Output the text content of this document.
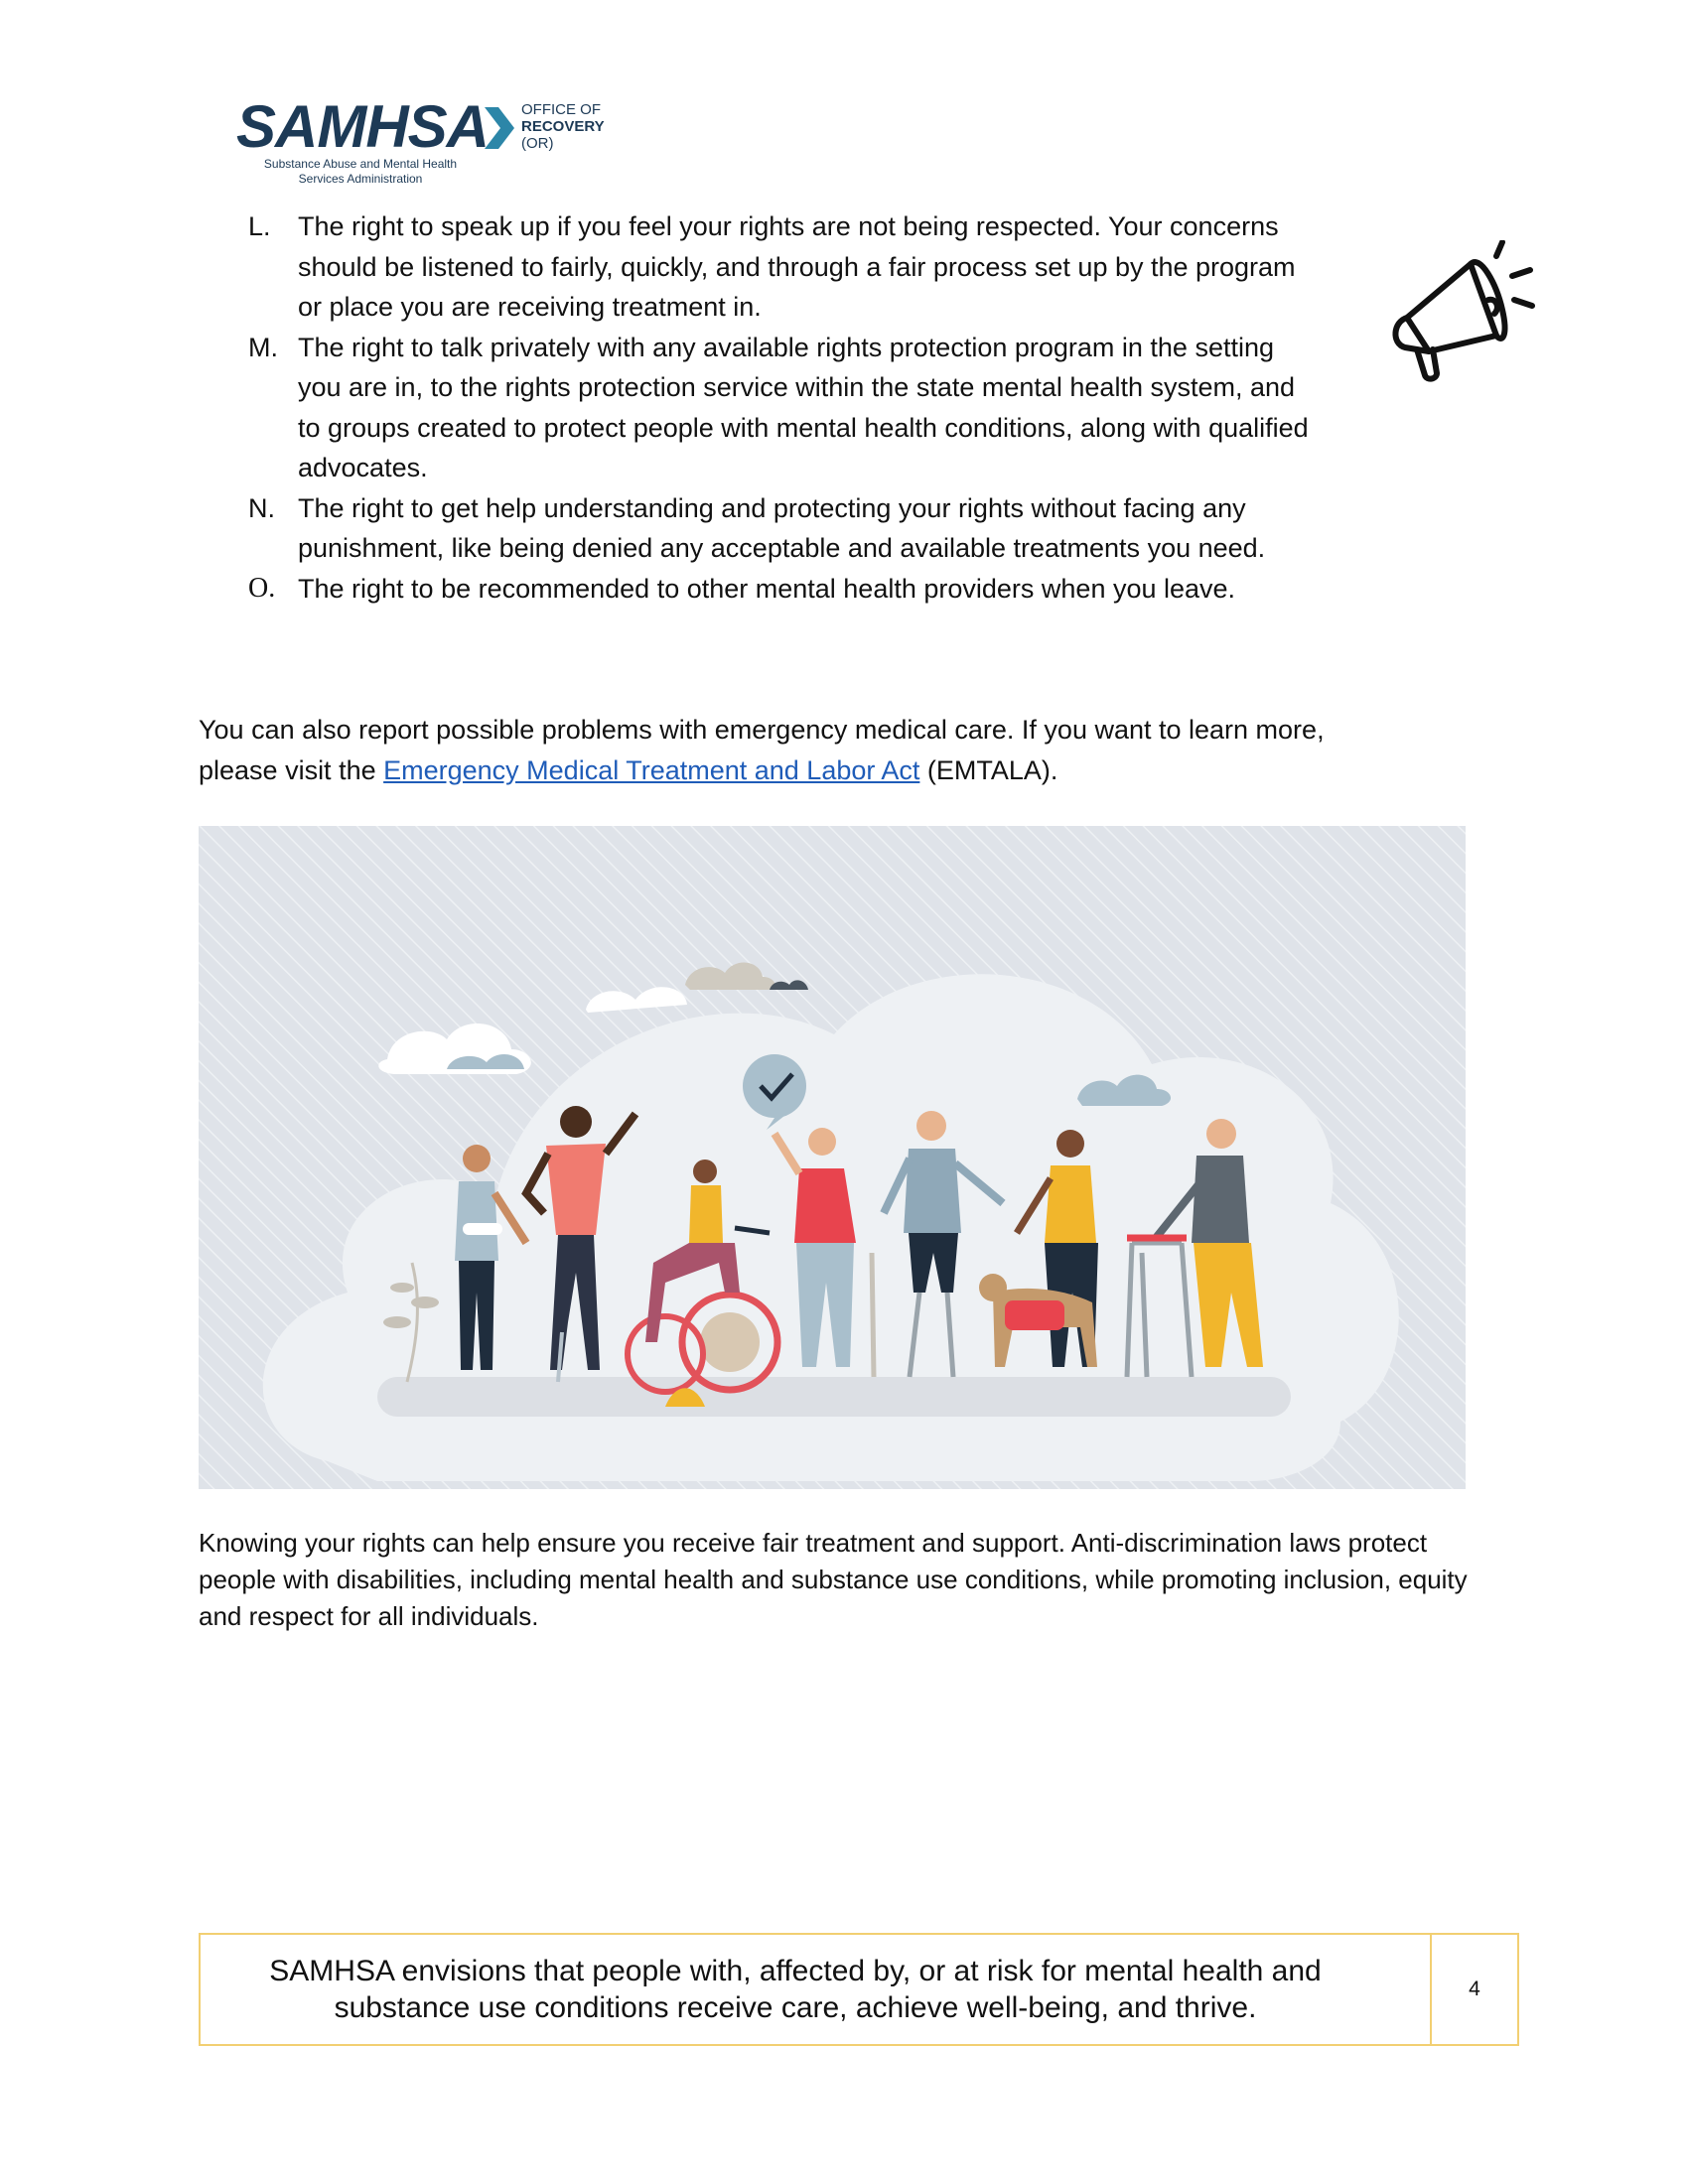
SAMHSA OFFICE OF
RECOVERY
(OR)
Substance Abuse and Mental Health Services Administration
L. The right to speak up if you feel your rights are not being respected. Your concerns should be listened to fairly, quickly, and through a fair process set up by the program or place you are receiving treatment in.
M. The right to talk privately with any available rights protection program in the setting you are in, to the rights protection service within the state mental health system, and to groups created to protect people with mental health conditions, along with qualified advocates.
N. The right to get help understanding and protecting your rights without facing any punishment, like being denied any acceptable and available treatments you need.
O. The right to be recommended to other mental health providers when you leave.

You can also report possible problems with emergency medical care. If you want to learn more, please visit the Emergency Medical Treatment and Labor Act (EMTALA).

Knowing your rights can help ensure you receive fair treatment and support. Anti-discrimination laws protect people with disabilities, including mental health and substance use conditions, while promoting inclusion, equity and respect for all individuals.

SAMHSA envisions that people with, affected by, or at risk for mental health and
substance use conditions receive care, achieve well-being, and thrive.
4
